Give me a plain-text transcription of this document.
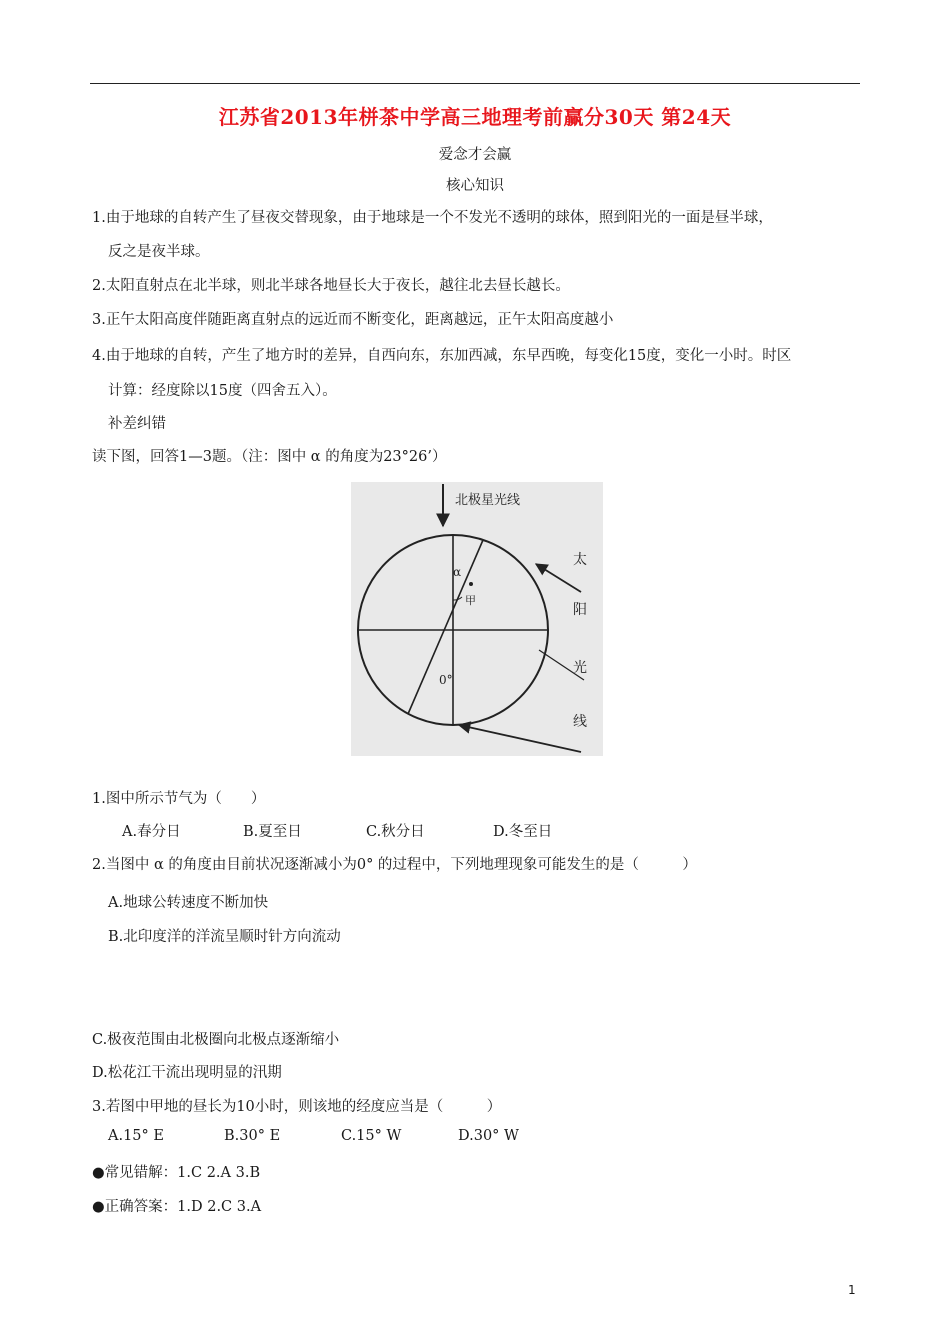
江苏省2013年栟茶中学高三地理考前赢分30天 第24天
爱念才会赢
核心知识
1.由于地球的自转产生了昼夜交替现象，由于地球是一个不发光不透明的球体，照到阳光的一面是昼半球，
反之是夜半球。
2.太阳直射点在北半球，则北半球各地昼长大于夜长，越往北去昼长越长。
3.正午太阳高度伴随距离直射点的远近而不断变化，距离越远，正午太阳高度越小
4.由于地球的自转，产生了地方时的差异，自西向东，东加西减，东早西晚，每变化15度，变化一小时。时区
计算：经度除以15度（四舍五入）。
补差纠错
读下图，回答1—3题。（注：图中 α 的角度为23°26’）
北极星光线
太
阳
光
线
α
甲
0°
1.图中所示节气为（　　）
A.春分日	B.夏至日	C.秋分日	D.冬至日
2.当图中 α 的角度由目前状况逐渐减小为0° 的过程中，下列地理现象可能发生的是（　　　）
A.地球公转速度不断加快
B.北印度洋的洋流呈顺时针方向流动
C.极夜范围由北极圈向北极点逐渐缩小
D.松花江干流出现明显的汛期
3.若图中甲地的昼长为10小时，则该地的经度应当是（　　　）
A.15° E	B.30° E	C.15° W	D.30° W
●常见错解：1.C 2.A 3.B
●正确答案：1.D 2.C 3.A
1
